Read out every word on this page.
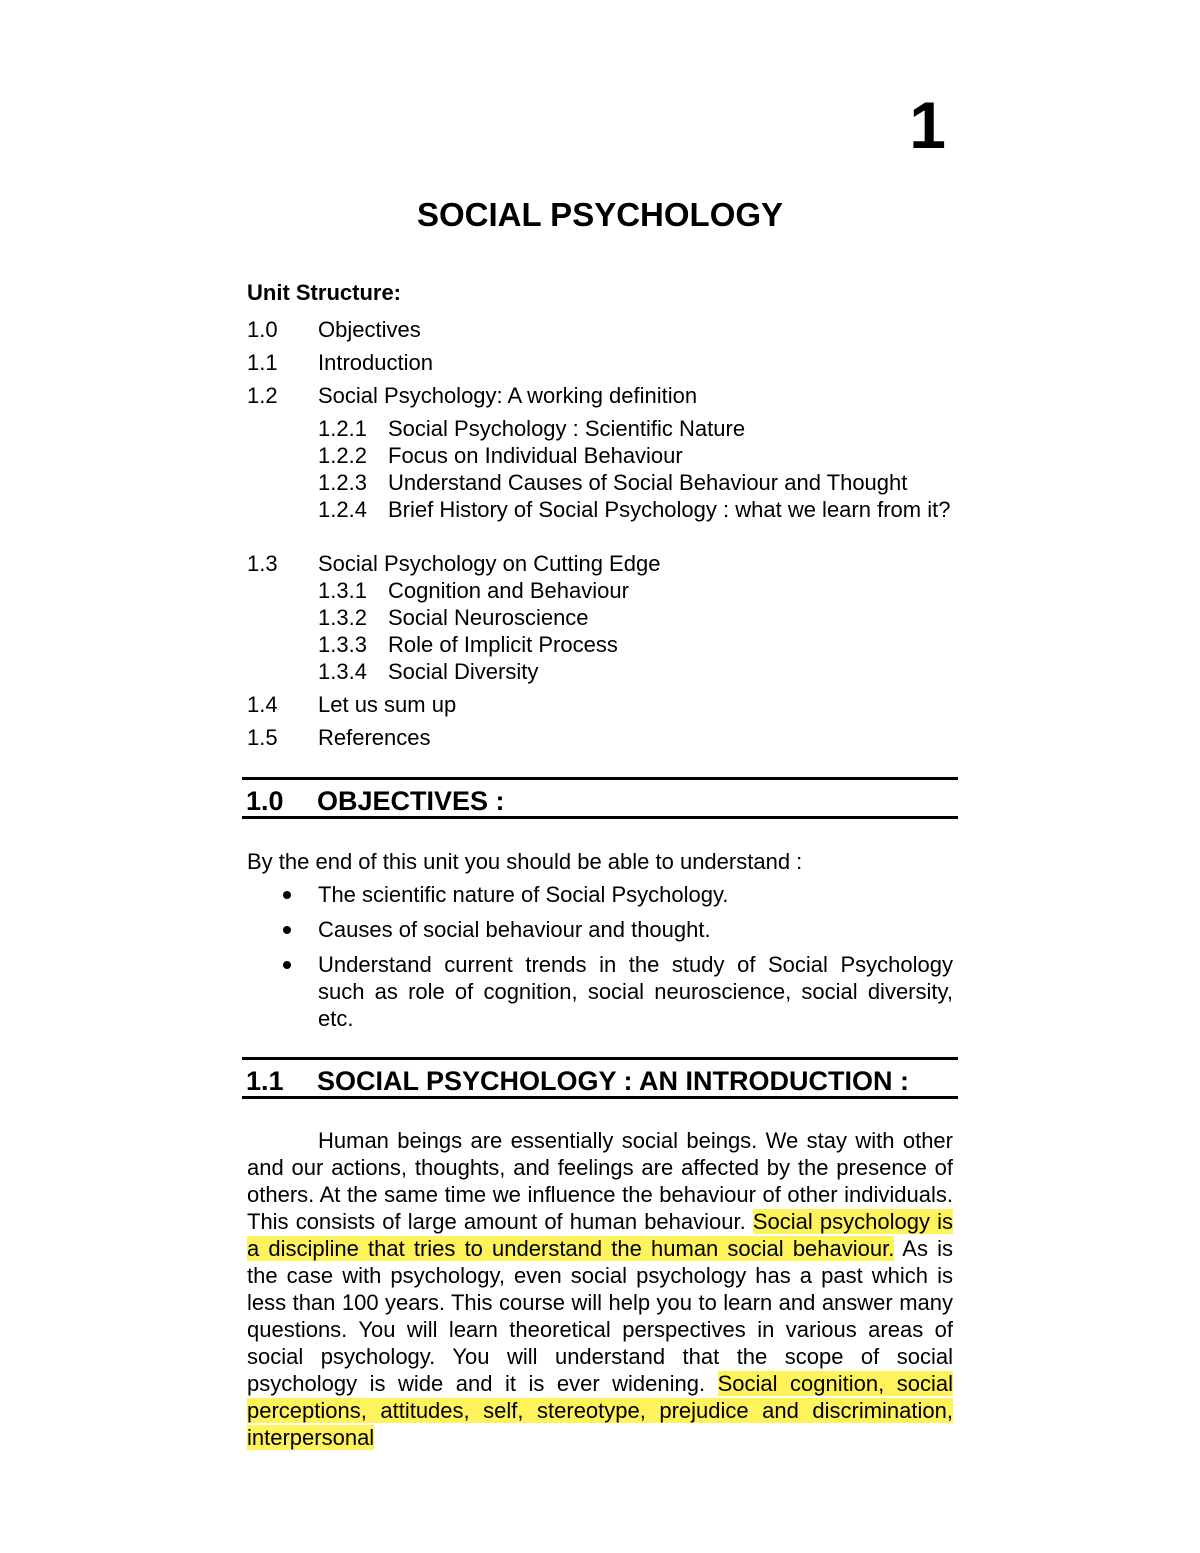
1
SOCIAL PSYCHOLOGY
Unit Structure:
1.0 Objectives
1.1 Introduction
1.2 Social Psychology: A working definition
1.2.1 Social Psychology : Scientific Nature
1.2.2 Focus on Individual Behaviour
1.2.3 Understand Causes of Social Behaviour and Thought
1.2.4 Brief History of Social Psychology : what we learn from it?
1.3 Social Psychology on Cutting Edge
1.3.1 Cognition and Behaviour
1.3.2 Social Neuroscience
1.3.3 Role of Implicit Process
1.3.4 Social Diversity
1.4 Let us sum up
1.5 References
1.0 OBJECTIVES :

By the end of this unit you should be able to understand :

The scientific nature of Social Psychology.
Causes of social behaviour and thought.
Understand current trends in the study of Social Psychology such as role of cognition, social neuroscience, social diversity, etc.
1.1 SOCIAL PSYCHOLOGY : AN INTRODUCTION :

Human beings are essentially social beings. We stay with other and our actions, thoughts, and feelings are affected by the presence of others. At the same time we influence the behaviour of other individuals. This consists of large amount of human behaviour. Social psychology is a discipline that tries to understand the human social behaviour. As is the case with psychology, even social psychology has a past which is less than 100 years. This course will help you to learn and answer many questions. You will learn theoretical perspectives in various areas of social psychology. You will understand that the scope of social psychology is wide and it is ever widening. Social cognition, social perceptions, attitudes, self, stereotype, prejudice and discrimination, interpersonal
